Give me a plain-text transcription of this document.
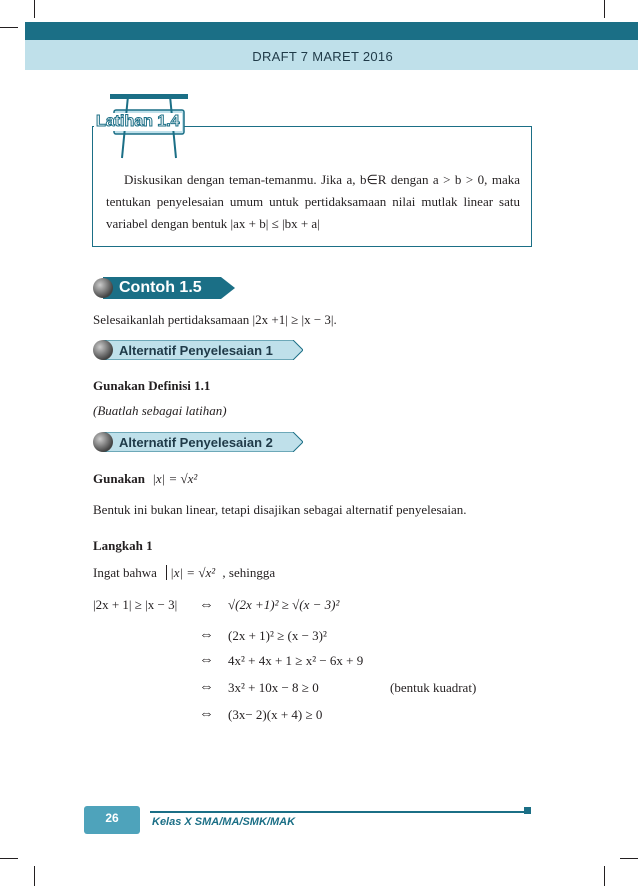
DRAFT 7 MARET 2016
Latihan 1.4
Diskusikan dengan teman-temanmu. Jika a, b∈R dengan a > b > 0, maka tentukan penyelesaian umum untuk pertidaksamaan nilai mutlak linear satu variabel dengan bentuk |ax + b| ≤ |bx + a|
Contoh 1.5
Selesaikanlah pertidaksamaan |2x +1| ≥ |x − 3|.
Alternatif Penyelesaian 1
Gunakan Definisi 1.1
(Buatlah sebagai latihan)
Alternatif Penyelesaian 2
Gunakan |x| = √x²
Bentuk ini bukan linear, tetapi disajikan sebagai alternatif penyelesaian.
Langkah 1
Ingat bahwa |x| = √x² , sehingga
|2x + 1| ≥ |x − 3| ⇔ √(2x +1)² ≥ √(x − 3)²
⇔ (2x + 1)² ≥ (x − 3)²
⇔ 4x² + 4x + 1 ≥ x² − 6x + 9
⇔ 3x² + 10x − 8 ≥ 0	(bentuk kuadrat)
⇔ (3x− 2)(x + 4) ≥ 0
26	Kelas X SMA/MA/SMK/MAK
